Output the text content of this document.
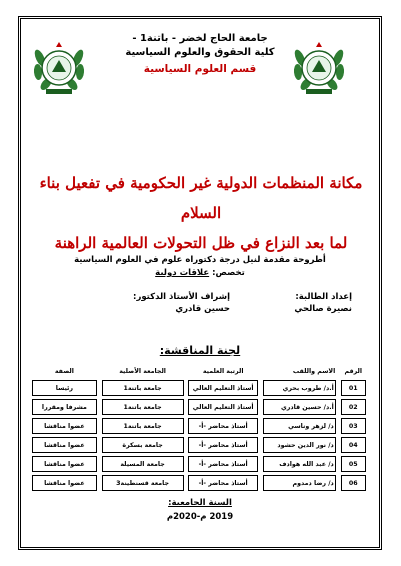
جامعة الحاج لخضر - باتنة1 -
كلية الحقوق والعلوم السياسية
قسم العلوم السياسية
مكانة المنظمات الدولية غير الحكومية في تفعيل بناء السلام
لما بعد النزاع في ظل التحولات العالمية الراهنة
أطروحة مقدمة لنيل درجة دكتوراه علوم في العلوم السياسية
تخصص: علاقات دولية
إعداد الطالبة:
نصيرة صالحي
إشراف الأستاذ الدكتور:
حسين قادري
لجنة المناقشة:
الرقم		الاسم واللقب		الرتبة العلمية		الجامعة الأصلية		الصفة

01		أ.د/ طروب بحري		أستاذ التعليم العالي		جامعة باتنة1		رئيسا

02		أ.د/ حسين قادري		أستاذ التعليم العالي		جامعة باتنة1		مشرفا ومقررا

03		د/ لزهر وناسي		أستاذ محاضر -أ-		جامعة باتنة1		عضوا مناقشا

04		د/ نور الدين حشود		أستاذ محاضر -أ-		جامعة بسكرة		عضوا مناقشا

05		د/ عبد الله هوادف		أستاذ محاضر -أ-		جامعة المسيلة		عضوا مناقشا

06		د/ رضا دمدوم		أستاذ محاضر -أ-		جامعة قسنطينة3		عضوا مناقشا
السنة الجامعية:
2019 م-2020م
